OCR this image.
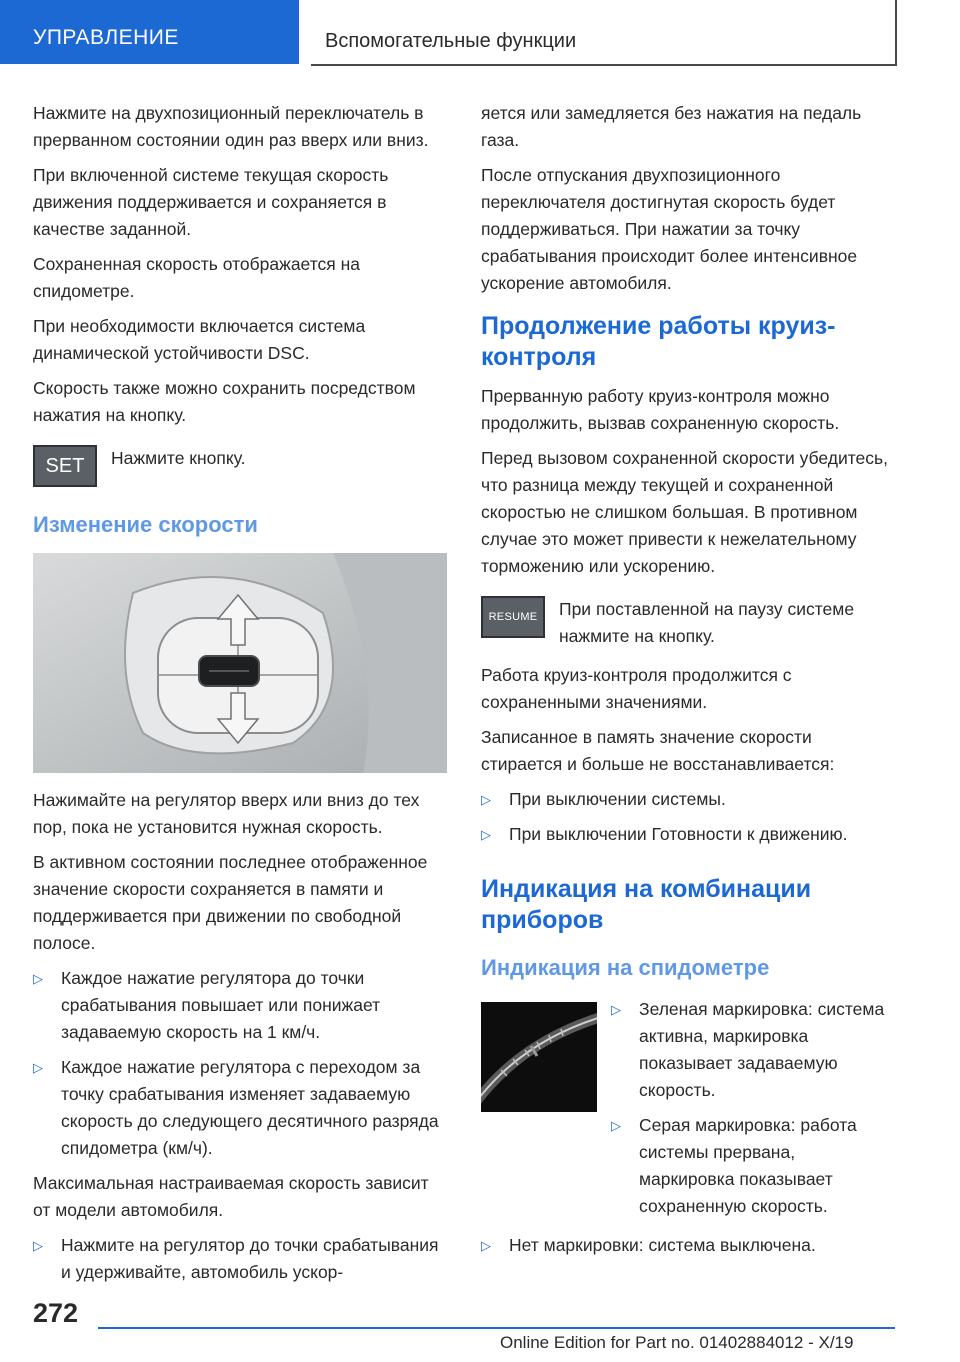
УПРАВЛЕНИЕ	Вспомогательные функции

Нажмите на двухпозиционный переключатель в прерванном состоянии один раз вверх или вниз.

При включенной системе текущая скорость движения поддерживается и сохраняется в качестве заданной.

Сохраненная скорость отображается на спидометре.

При необходимости включается система динамической устойчивости DSC.

Скорость также можно сохранить посредством нажатия на кнопку.

SET	Нажмите кнопку.
Изменение скорости

Нажимайте на регулятор вверх или вниз до тех пор, пока не установится нужная скорость.

В активном состоянии последнее отображенное значение скорости сохраняется в памяти и поддерживается при движении по свободной полосе.

▷	Каждое нажатие регулятора до точки срабатывания повышает или понижает задаваемую скорость на 1 км/ч.
▷	Каждое нажатие регулятора с переходом за точку срабатывания изменяет задаваемую скорость до следующего десятичного разряда спидометра (км/ч).

Максимальная настраиваемая скорость зависит от модели автомобиля.

▷	Нажмите на регулятор до точки срабатывания и удерживайте, автомобиль ускор-

яется или замедляется без нажатия на педаль газа.

После отпускания двухпозиционного переключателя достигнутая скорость будет поддерживаться. При нажатии за точку срабатывания происходит более интенсивное ускорение автомобиля.

Продолжение работы круиз-контроля

Прерванную работу круиз-контроля можно продолжить, вызвав сохраненную скорость.

Перед вызовом сохраненной скорости убедитесь, что разница между текущей и сохраненной скоростью не слишком большая. В противном случае это может привести к нежелательному торможению или ускорению.

RESUME	При поставленной на паузу системе нажмите на кнопку.

Работа круиз-контроля продолжится с сохраненными значениями.

Записанное в память значение скорости стирается и больше не восстанавливается:

▷	При выключении системы.
▷	При выключении Готовности к движению.
Индикация на комбинации приборов
Индикация на спидометре
▷	Зеленая маркировка: система активна, маркировка показывает задаваемую скорость.
▷	Серая маркировка: работа системы прервана, маркировка показывает сохраненную скорость.
▷	Нет маркировки: система выключена.
272
Online Edition for Part no. 01402884012 - X/19
